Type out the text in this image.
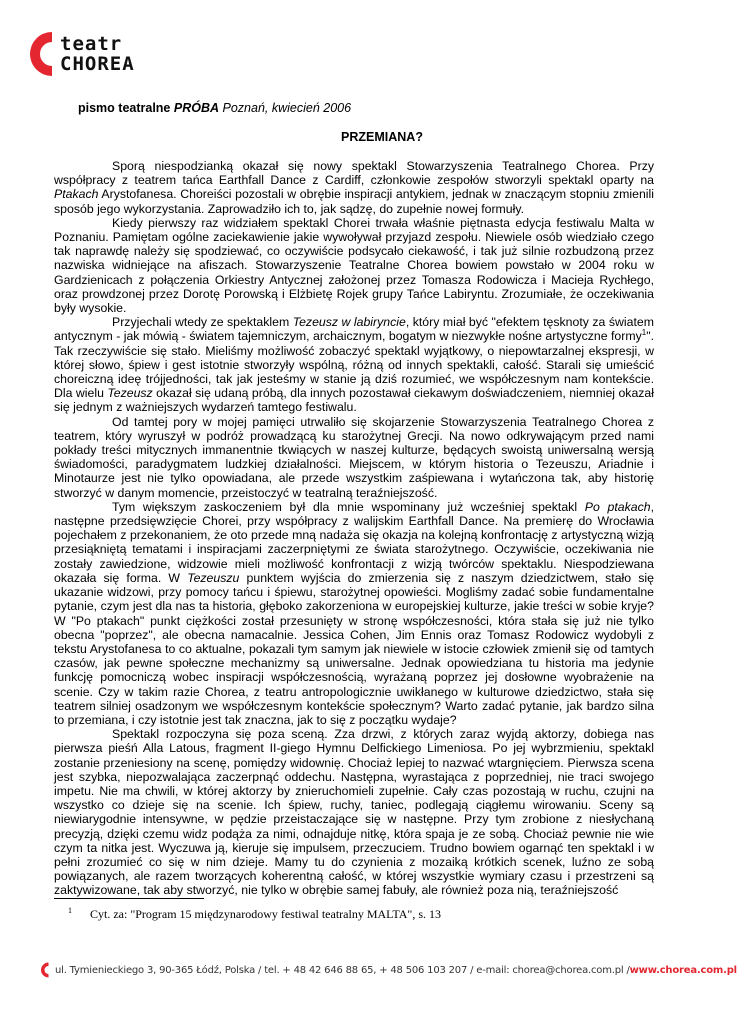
teatr
CHOREA
pismo teatralne PRÓBA Poznań, kwiecień 2006
PRZEMIANA?

Sporą niespodzianką okazał się nowy spektakl Stowarzyszenia Teatralnego Chorea. Przy współpracy z teatrem tańca Earthfall Dance z Cardiff, członkowie zespołów stworzyli spektakl oparty na Ptakach Arystofanesa. Choreiści pozostali w obrębie inspiracji antykiem, jednak w znaczącym stopniu zmienili sposób jego wykorzystania. Zaprowadziło ich to, jak sądzę, do zupełnie nowej formuły.

Kiedy pierwszy raz widziałem spektakl Chorei trwała właśnie piętnasta edycja festiwalu Malta w Poznaniu. Pamiętam ogólne zaciekawienie jakie wywoływał przyjazd zespołu. Niewiele osób wiedziało czego tak naprawdę należy się spodziewać, co oczywiście podsycało ciekawość, i tak już silnie rozbudzoną przez nazwiska widniejące na afiszach. Stowarzyszenie Teatralne Chorea bowiem powstało w 2004 roku w Gardzienicach z połączenia Orkiestry Antycznej założonej przez Tomasza Rodowicza i Macieja Rychłego, oraz prowdzonej przez Dorotę Porowską i Elżbietę Rojek grupy Tańce Labiryntu. Zrozumiałe, że oczekiwania były wysokie.

Przyjechali wtedy ze spektaklem Tezeusz w labiryncie, który miał być "efektem tęsknoty za światem antycznym - jak mówią - światem tajemniczym, archaicznym, bogatym w niezwykłe nośne artystyczne formy$^1$". Tak rzeczywiście się stało. Mieliśmy możliwość zobaczyć spektakl wyjątkowy, o niepowtarzalnej ekspresji, w której słowo, śpiew i gest istotnie stworzyły wspólną, różną od innych spektakli, całość. Starali się umieścić choreiczną ideę trójjedności, tak jak jesteśmy w stanie ją dziś rozumieć, we współczesnym nam kontekście. Dla wielu Tezeusz okazał się udaną próbą, dla innych pozostawał ciekawym doświadczeniem, niemniej okazał się jednym z ważniejszych wydarzeń tamtego festiwalu.

Od tamtej pory w mojej pamięci utrwaliło się skojarzenie Stowarzyszenia Teatralnego Chorea z teatrem, który wyruszył w podróż prowadzącą ku starożytnej Grecji. Na nowo odkrywającym przed nami pokłady treści mitycznych immanentnie tkwiących w naszej kulturze, będących swoistą uniwersalną wersją świadomości, paradygmatem ludzkiej działalności. Miejscem, w którym historia o Tezeuszu, Ariadnie i Minotaurze jest nie tylko opowiadana, ale przede wszystkim zaśpiewana i wytańczona tak, aby historię stworzyć w danym momencie, przeistoczyć w teatralną teraźniejszość.

Tym większym zaskoczeniem był dla mnie wspominany już wcześniej spektakl Po ptakach, następne przedsięwzięcie Chorei, przy współpracy z walijskim Earthfall Dance. Na premierę do Wrocławia pojechałem z przekonaniem, że oto przede mną nadaża się okazja na kolejną konfrontację z artystyczną wizją przesiąkniętą tematami i inspiracjami zaczerpniętymi ze świata starożytnego. Oczywiście, oczekiwania nie zostały zawiedzione, widzowie mieli możliwość konfrontacji z wizją twórców spektaklu. Niespodziewana okazała się forma. W Tezeuszu punktem wyjścia do zmierzenia się z naszym dziedzictwem, stało się ukazanie widzowi, przy pomocy tańcu i śpiewu, starożytnej opowieści. Mogliśmy zadać sobie fundamentalne pytanie, czym jest dla nas ta historia, głęboko zakorzeniona w europejskiej kulturze, jakie treści w sobie kryje? W "Po ptakach" punkt ciężkości został przesunięty w stronę współczesności, która stała się już nie tylko obecna "poprzez", ale obecna namacalnie. Jessica Cohen, Jim Ennis oraz Tomasz Rodowicz wydobyli z tekstu Arystofanesa to co aktualne, pokazali tym samym jak niewiele w istocie człowiek zmienił się od tamtych czasów, jak pewne społeczne mechanizmy są uniwersalne. Jednak opowiedziana tu historia ma jedynie funkcję pomocniczą wobec inspiracji współczesnością, wyrażaną poprzez jej dosłowne wyobrażenie na scenie. Czy w takim razie Chorea, z teatru antropologicznie uwikłanego w kulturowe dziedzictwo, stała się teatrem silniej osadzonym we współczesnym kontekście społecznym? Warto zadać pytanie, jak bardzo silna to przemiana, i czy istotnie jest tak znaczna, jak to się z początku wydaje?

Spektakl rozpoczyna się poza sceną. Zza drzwi, z których zaraz wyjdą aktorzy, dobiega nas pierwsza pieśń Alla Latous, fragment II-giego Hymnu Delfickiego Limeniosa. Po jej wybrzmieniu, spektakl zostanie przeniesiony na scenę, pomiędzy widownię. Chociaż lepiej to nazwać wtargnięciem. Pierwsza scena jest szybka, niepozwalająca zaczerpnąć oddechu. Następna, wyrastająca z poprzedniej, nie traci swojego impetu. Nie ma chwili, w której aktorzy by znieruchomieli zupełnie. Cały czas pozostają w ruchu, czujni na wszystko co dzieje się na scenie. Ich śpiew, ruchy, taniec, podlegają ciągłemu wirowaniu. Sceny są niewiarygodnie intensywne, w pędzie przeistaczające się w następne. Przy tym zrobione z niesłychaną precyzją, dzięki czemu widz podąża za nimi, odnajduje nitkę, która spaja je ze sobą. Chociaż pewnie nie wie czym ta nitka jest. Wyczuwa ją, kieruje się impulsem, przeczuciem. Trudno bowiem ogarnąć ten spektakl i w pełni zrozumieć co się w nim dzieje. Mamy tu do czynienia z mozaiką krótkich scenek, luźno ze sobą powiązanych, ale razem tworzących koherentną całość, w której wszystkie wymiary czasu i przestrzeni są zaktywizowane, tak aby stworzyć, nie tylko w obrębie samej fabuły, ale również poza nią, teraźniejszość

$^1$ Cyt. za: "Program 15 międzynarodowy festiwal teatralny MALTA", s. 13
ul. Tymienieckiego 3, 90-365 Łódź, Polska / tel. + 48 42 646 88 65, + 48 506 103 207 / e-mail: chorea@chorea.com.pl / www.chorea.com.pl
